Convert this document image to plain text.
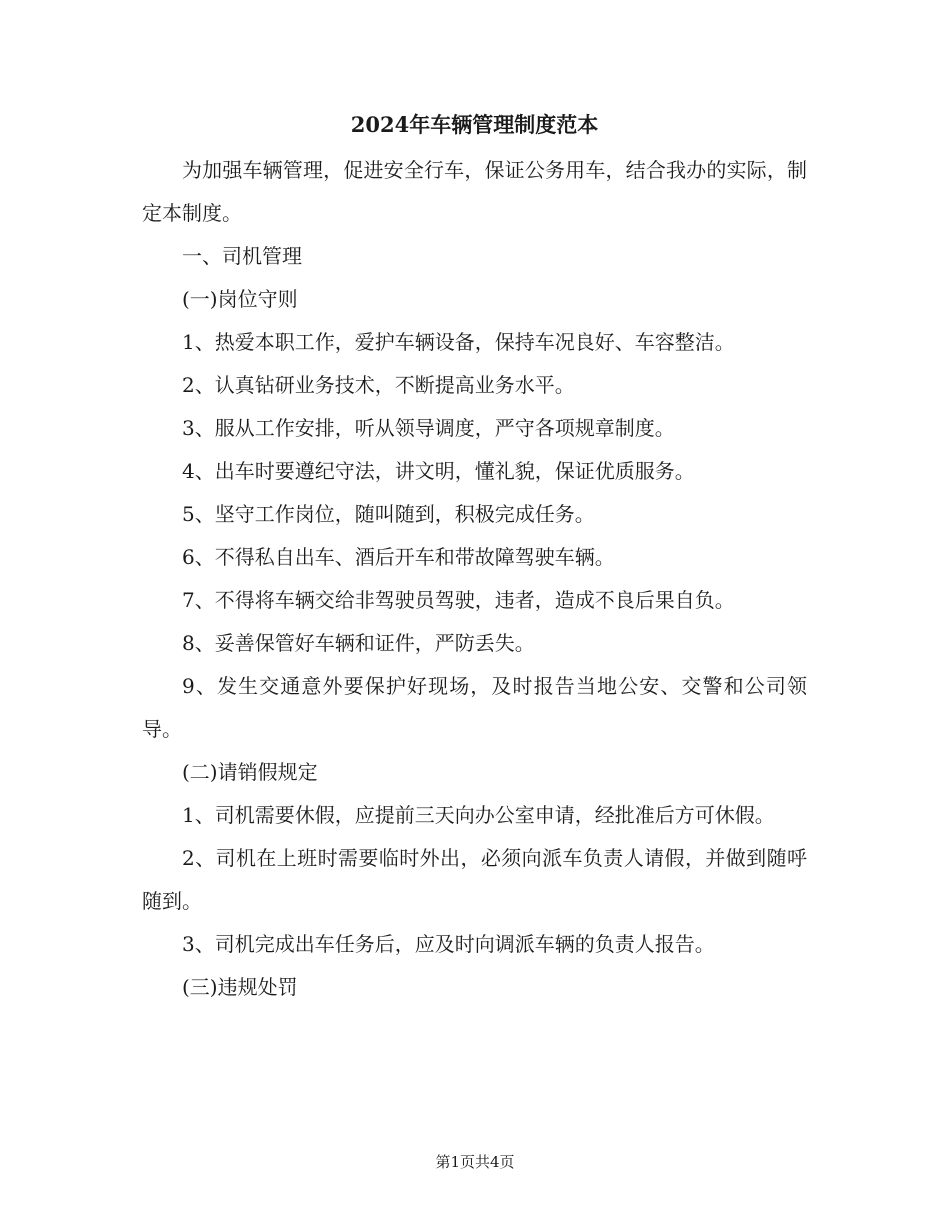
2024年车辆管理制度范本

为加强车辆管理，促进安全行车，保证公务用车，结合我办的实际，制定本制度。

一、司机管理

(一)岗位守则

1、热爱本职工作，爱护车辆设备，保持车况良好、车容整洁。

2、认真钻研业务技术，不断提高业务水平。

3、服从工作安排，听从领导调度，严守各项规章制度。

4、出车时要遵纪守法，讲文明，懂礼貌，保证优质服务。

5、坚守工作岗位，随叫随到，积极完成任务。

6、不得私自出车、酒后开车和带故障驾驶车辆。

7、不得将车辆交给非驾驶员驾驶，违者，造成不良后果自负。

8、妥善保管好车辆和证件，严防丢失。

9、发生交通意外要保护好现场，及时报告当地公安、交警和公司领导。

(二)请销假规定

1、司机需要休假，应提前三天向办公室申请，经批准后方可休假。

2、司机在上班时需要临时外出，必须向派车负责人请假，并做到随呼随到。

3、司机完成出车任务后，应及时向调派车辆的负责人报告。

(三)违规处罚

第1页共4页
